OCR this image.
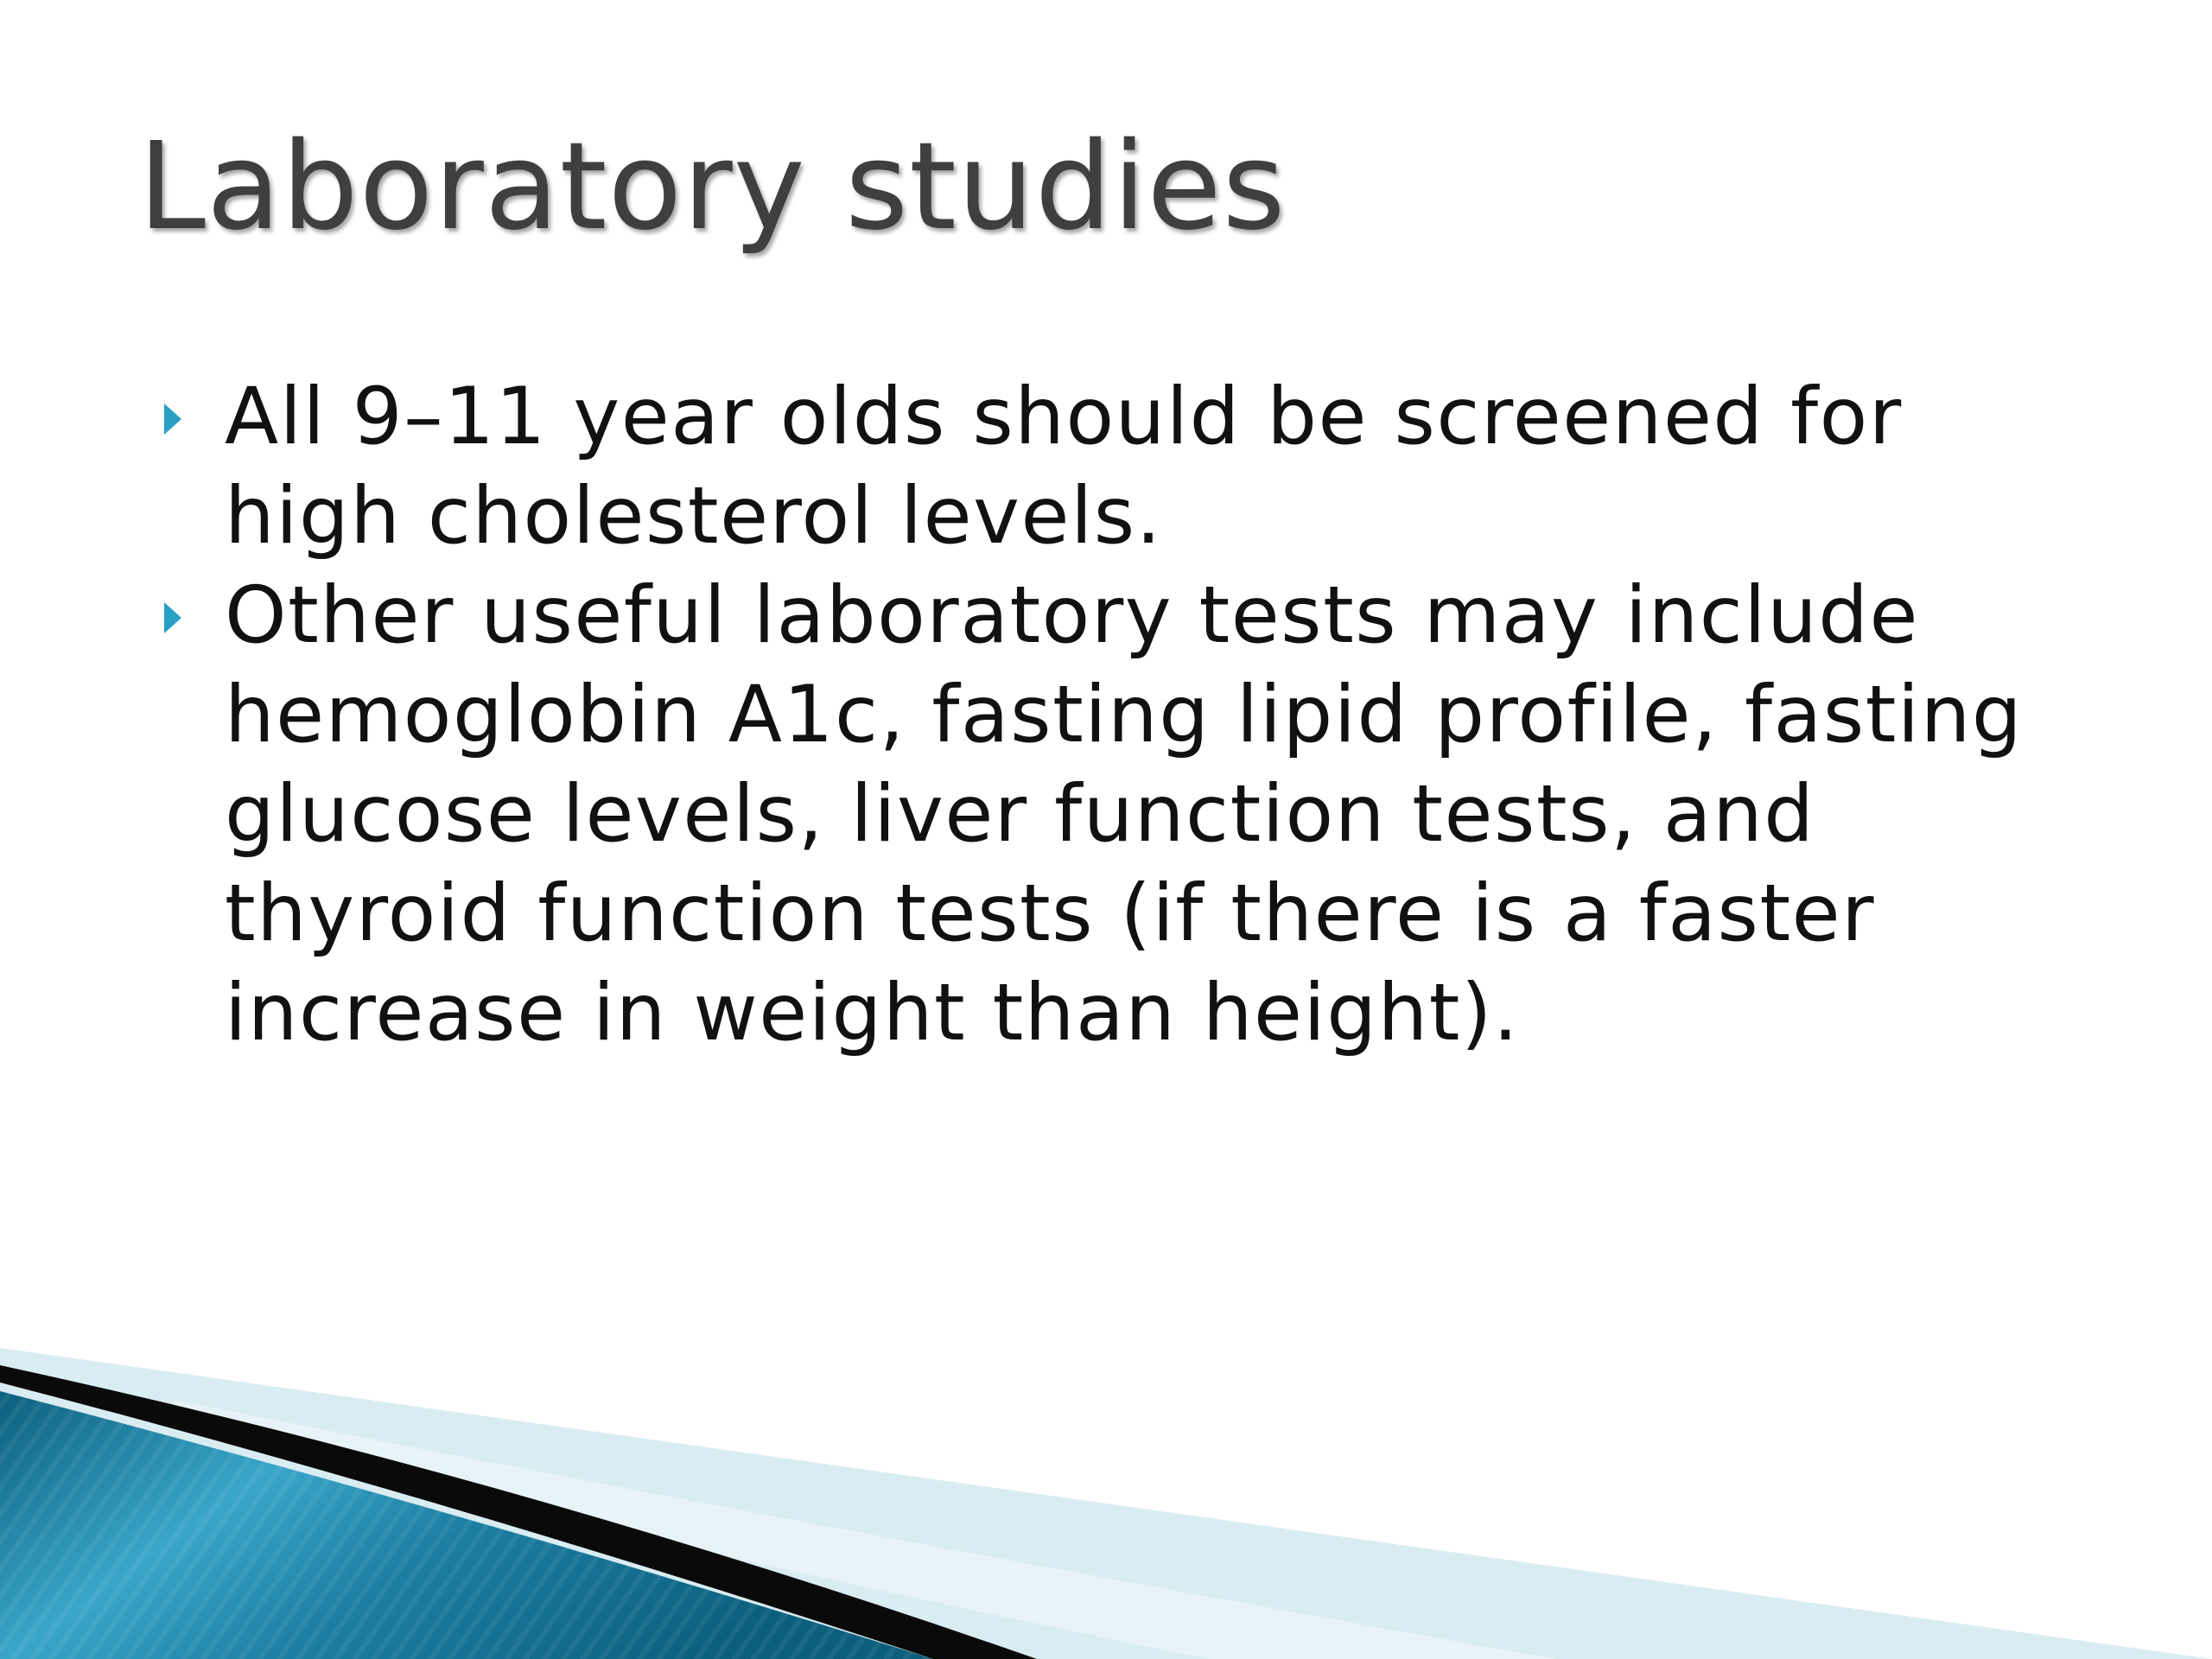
Laboratory studies
All 9–11 year olds should be screened for high cholesterol levels.
Other useful laboratory tests may include hemoglobin A1c, fasting lipid profile, fasting glucose levels, liver function tests, and thyroid function tests (if there is a faster increase in weight than height).
